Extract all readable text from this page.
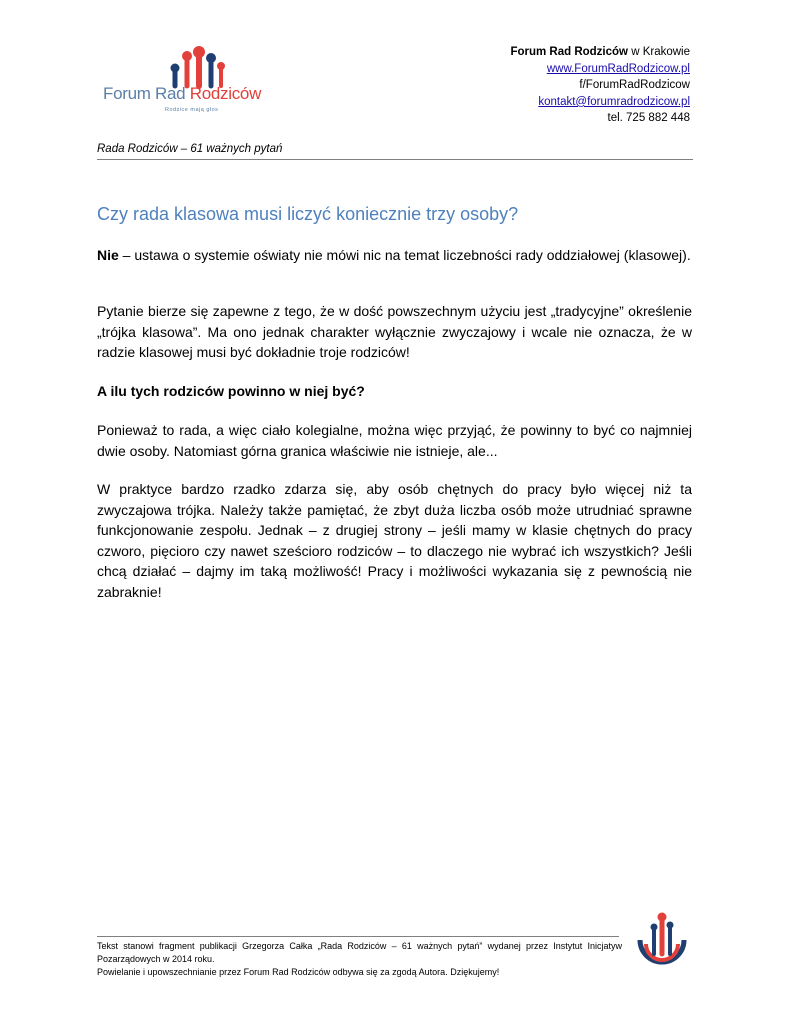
Forum Rad Rodziców
Rodzice mają głos
Forum Rad Rodziców w Krakowie
www.ForumRadRodzicow.pl
f/ForumRadRodzicow
kontakt@forumradrodzicow.pl
tel. 725 882 448
Rada Rodziców – 61 ważnych pytań
Czy rada klasowa musi liczyć koniecznie trzy osoby?

Nie – ustawa o systemie oświaty nie mówi nic na temat liczebności rady oddziałowej (klasowej).

Pytanie bierze się zapewne z tego, że w dość powszechnym użyciu jest „tradycyjne” określenie „trójka klasowa”. Ma ono jednak charakter wyłącznie zwyczajowy i wcale nie oznacza, że w radzie klasowej musi być dokładnie troje rodziców!

A ilu tych rodziców powinno w niej być?

Ponieważ to rada, a więc ciało kolegialne, można więc przyjąć, że powinny to być co najmniej dwie osoby. Natomiast górna granica właściwie nie istnieje, ale...

W praktyce bardzo rzadko zdarza się, aby osób chętnych do pracy było więcej niż ta zwyczajowa trójka. Należy także pamiętać, że zbyt duża liczba osób może utrudniać sprawne funkcjonowanie zespołu. Jednak – z drugiej strony – jeśli mamy w klasie chętnych do pracy czworo, pięcioro czy nawet sześcioro rodziców – to dlaczego nie wybrać ich wszystkich? Jeśli chcą działać – dajmy im taką możliwość! Pracy i możliwości wykazania się z pewnością nie zabraknie!

Tekst stanowi fragment publikacji Grzegorza Całka „Rada Rodziców – 61 ważnych pytań” wydanej przez Instytut Inicjatyw Pozarządowych w 2014 roku.

Powielanie i upowszechnianie przez Forum Rad Rodziców odbywa się za zgodą Autora. Dziękujemy!
